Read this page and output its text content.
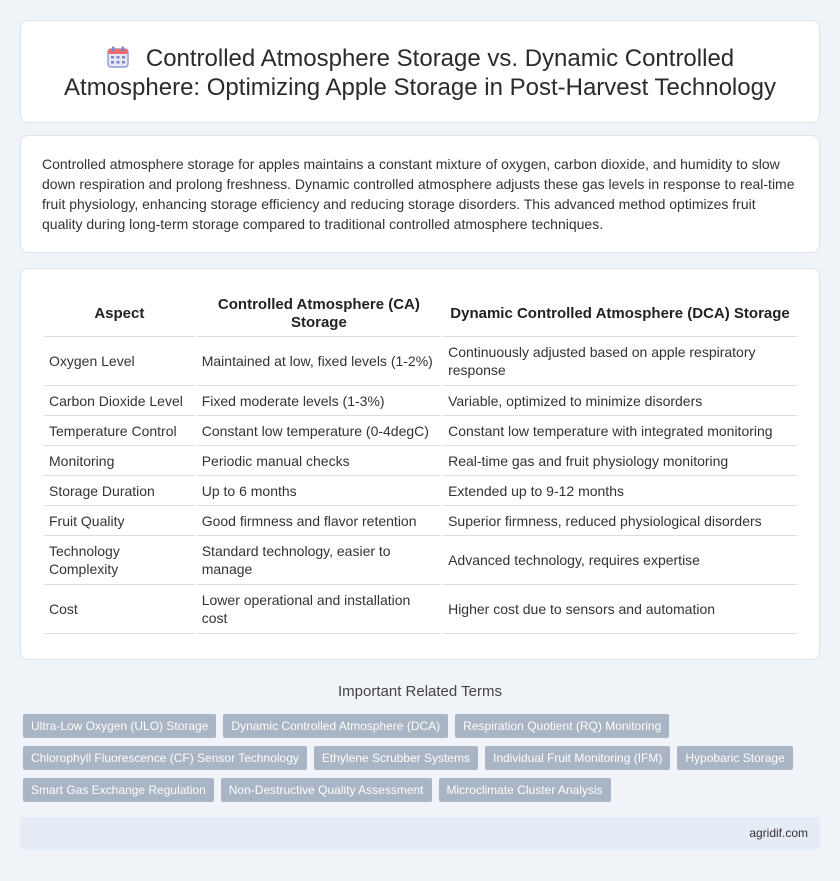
Controlled Atmosphere Storage vs. Dynamic Controlled Atmosphere: Optimizing Apple Storage in Post-Harvest Technology

Controlled atmosphere storage for apples maintains a constant mixture of oxygen, carbon dioxide, and humidity to slow down respiration and prolong freshness. Dynamic controlled atmosphere adjusts these gas levels in response to real-time fruit physiology, enhancing storage efficiency and reducing storage disorders. This advanced method optimizes fruit quality during long-term storage compared to traditional controlled atmosphere techniques.

Aspect	Controlled Atmosphere (CA) Storage	Dynamic Controlled Atmosphere (DCA) Storage
Oxygen Level	Maintained at low, fixed levels (1-2%)	Continuously adjusted based on apple respiratory response
Carbon Dioxide Level	Fixed moderate levels (1-3%)	Variable, optimized to minimize disorders
Temperature Control	Constant low temperature (0-4degC)	Constant low temperature with integrated monitoring
Monitoring	Periodic manual checks	Real-time gas and fruit physiology monitoring
Storage Duration	Up to 6 months	Extended up to 9-12 months
Fruit Quality	Good firmness and flavor retention	Superior firmness, reduced physiological disorders
Technology Complexity	Standard technology, easier to manage	Advanced technology, requires expertise
Cost	Lower operational and installation cost	Higher cost due to sensors and automation
Important Related Terms
Ultra-Low Oxygen (ULO) Storage	Dynamic Controlled Atmosphere (DCA)	Respiration Quotient (RQ) Monitoring
Chlorophyll Fluorescence (CF) Sensor Technology	Ethylene Scrubber Systems	Individual Fruit Monitoring (IFM)	Hypobaric Storage
Smart Gas Exchange Regulation	Non-Destructive Quality Assessment	Microclimate Cluster Analysis
agridif.com
